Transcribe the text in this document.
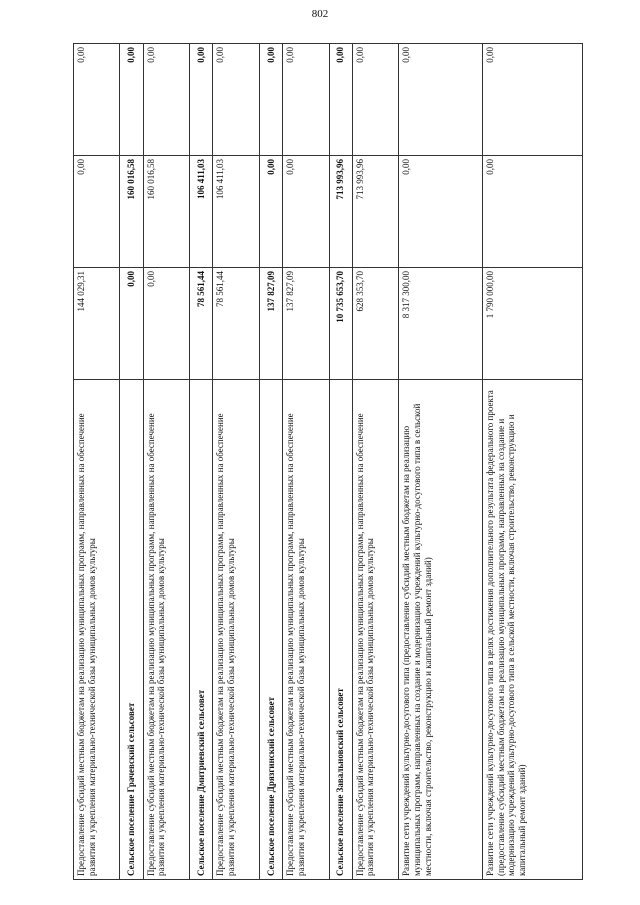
802
Предоставление субсидий местным бюджетам на реализацию муниципальных программ, направленных на обеспечение развития и укрепления материально-технической базы муниципальных домов культуры	144 029,31	0,00	0,00
Сельское поселение Грачевский сельсовет	0,00	160 016,58	0,00
Предоставление субсидий местным бюджетам на реализацию муниципальных программ, направленных на обеспечение развития и укрепления материально-технической базы муниципальных домов культуры	0,00	160 016,58	0,00
Сельское поселение Дмитриевский сельсовет	78 561,44	106 411,03	0,00
Предоставление субсидий местным бюджетам на реализацию муниципальных программ, направленных на обеспечение развития и укрепления материально-технической базы муниципальных домов культуры	78 561,44	106 411,03	0,00
Сельское поселение Дрязгинский сельсовет	137 827,09	0,00	0,00
Предоставление субсидий местным бюджетам на реализацию муниципальных программ, направленных на обеспечение развития и укрепления материально-технической базы муниципальных домов культуры	137 827,09	0,00	0,00
Сельское поселение Завальновский сельсовет	10 735 653,70	713 993,96	0,00
Предоставление субсидий местным бюджетам на реализацию муниципальных программ, направленных на обеспечение развития и укрепления материально-технической базы муниципальных домов культуры	628 353,70	713 993,96	0,00
Развитие сети учреждений культурно-досугового типа (предоставление субсидий местным бюджетам на реализацию муниципальных программ, направленных на создание и модернизацию учреждений культурно-досугового типа в сельской местности, включая строительство, реконструкцию и капитальный ремонт зданий)	8 317 300,00	0,00	0,00
Развитие сети учреждений культурно-досугового типа в целях достижения дополнительного результата федерального проекта (предоставление субсидий местным бюджетам на реализацию муниципальных программ, направленных на создание и модернизацию учреждений культурно-досугового типа в сельской местности, включая строительство, реконструкцию и капитальный ремонт зданий)	1 790 000,00	0,00	0,00
